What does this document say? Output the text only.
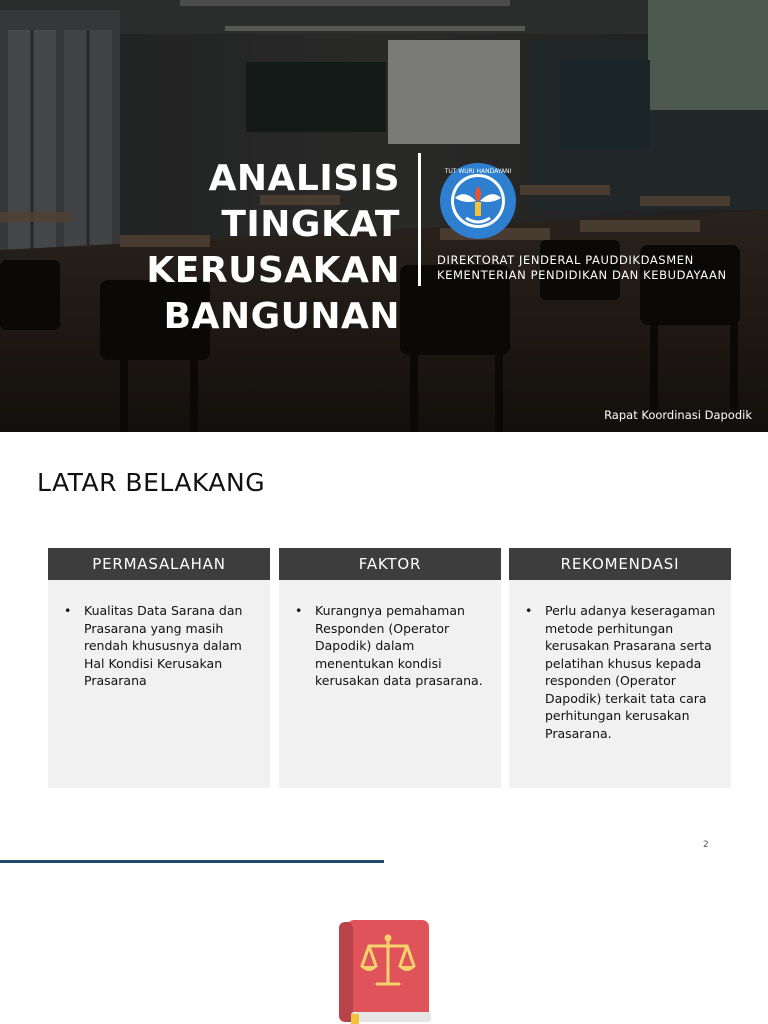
ANALISIS TINGKAT
KERUSAKAN
BANGUNAN
TUT WURI HANDAYANI
DIREKTORAT JENDERAL PAUDDIKDASMEN
KEMENTERIAN PENDIDIKAN DAN KEBUDAYAAN
Rapat Koordinasi Dapodik
LATAR BELAKANG
PERMASALAHAN
• Kualitas Data Sarana dan Prasarana yang masih rendah khususnya dalam Hal Kondisi Kerusakan Prasarana
FAKTOR
• Kurangnya pemahaman Responden (Operator Dapodik) dalam menentukan kondisi kerusakan data prasarana.
REKOMENDASI
• Perlu adanya keseragaman metode perhitungan kerusakan Prasarana serta pelatihan khusus kepada responden (Operator Dapodik) terkait tata cara perhitungan kerusakan Prasarana.
2
